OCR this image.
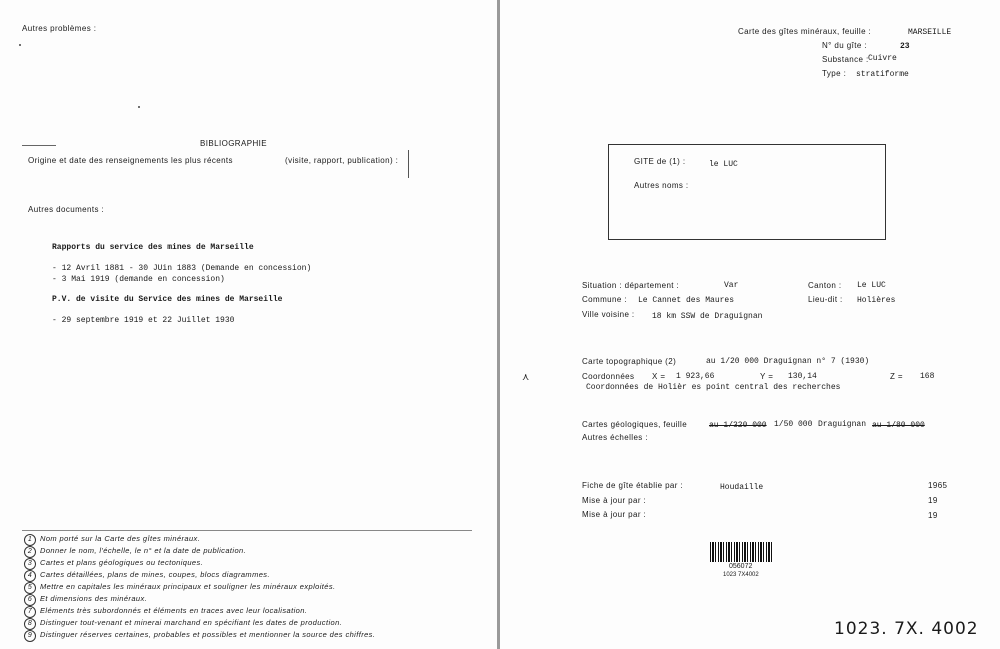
Autres problèmes :
BIBLIOGRAPHIE
Origine et date des renseignements les plus récents	(visite, rapport, publication) :
Autres documents :
Rapports du service des mines de Marseille
- 12 Avril 1881 - 30 JUin 1883 (Demande en concession)
- 3 Mai 1919 (demande en concession)
P.V. de visite du Service des mines de Marseille
- 29 septembre 1919 et 22 Juillet 1930
1 Nom porté sur la Carte des gîtes minéraux.
2 Donner le nom, l'échelle, le n° et la date de publication.
3 Cartes et plans géologiques ou tectoniques.
4 Cartes détaillées, plans de mines, coupes, blocs diagrammes.
5 Mettre en capitales les minéraux principaux et souligner les minéraux exploités.
6 Et dimensions des minéraux.
7 Eléments très subordonnés et éléments en traces avec leur localisation.
8 Distinguer tout-venant et minerai marchand en spécifiant les dates de production.
9 Distinguer réserves certaines, probables et possibles et mentionner la source des chiffres.
Carte des gîtes minéraux, feuille :	MARSEILLE
N° du gîte :	23
Substance : Cuivre
Type : stratiforme
GITE de (1) :	le LUC
Autres noms :
Situation : département :	Var	Canton : Le LUC
Commune : Le Cannet des Maures	Lieu-dit : Holières
Ville voisine : 18 km SSW de Draguignan
Carte topographique (2)	au 1/20 000 Draguignan n° 7 (1930)
⋏	Coordonnées X = 1 923,66	Y = 130,14	Z = 168
Coordonnées de Holièr es point central des recherches
Cartes géologiques, feuille	au 1/320 000 1/50 000 Draguignan au 1/80 000
Autres échelles :
Fiche de gîte établie par :	Houdaille	1965
Mise à jour par :	19
Mise à jour par :	19
056072
1023 7X4002
1023. 7X. 4002
